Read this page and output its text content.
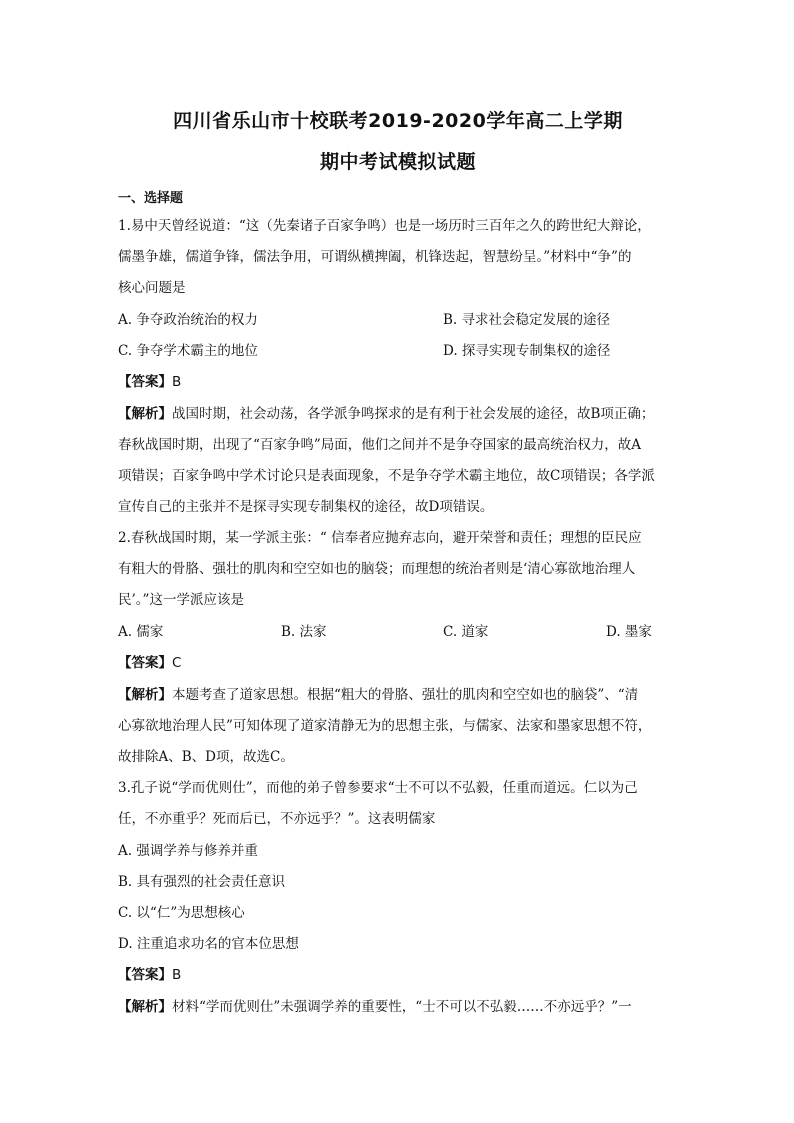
四川省乐山市十校联考2019-2020学年高二上学期
期中考试模拟试题
一、选择题
1.易中天曾经说道：“这（先秦诸子百家争鸣）也是一场历时三百年之久的跨世纪大辩论，
儒墨争雄，儒道争锋，儒法争用，可谓纵横捭阖，机锋迭起，智慧纷呈。”材料中“争”的
核心问题是
A. 争夺政治统治的权力	B. 寻求社会稳定发展的途径
C. 争夺学术霸主的地位	D. 探寻实现专制集权的途径
【答案】B
【解析】战国时期，社会动荡，各学派争鸣探求的是有利于社会发展的途径，故B项正确；
春秋战国时期，出现了“百家争鸣”局面，他们之间并不是争夺国家的最高统治权力，故A
项错误；百家争鸣中学术讨论只是表面现象，不是争夺学术霸主地位，故C项错误；各学派
宣传自己的主张并不是探寻实现专制集权的途径，故D项错误。
2.春秋战国时期，某一学派主张：“ 信奉者应抛弃志向，避开荣誉和责任；理想的臣民应
有粗大的骨胳、强壮的肌肉和空空如也的脑袋；而理想的统治者则是‘清心寡欲地治理人
民’。”这一学派应该是
A. 儒家	B. 法家	C. 道家	D. 墨家
【答案】C
【解析】本题考查了道家思想。根据“粗大的骨胳、强壮的肌肉和空空如也的脑袋”、“清
心寡欲地治理人民”可知体现了道家清静无为的思想主张，与儒家、法家和墨家思想不符，
故排除A、B、D项，故选C。
3.孔子说“学而优则仕”，而他的弟子曾参要求“士不可以不弘毅，任重而道远。仁以为己
任，不亦重乎？死而后已，不亦远乎？”。这表明儒家
A. 强调学养与修养并重
B. 具有强烈的社会责任意识
C. 以“仁”为思想核心
D. 注重追求功名的官本位思想
【答案】B
【解析】材料“学而优则仕”未强调学养的重要性，“士不可以不弘毅……不亦远乎？”一
